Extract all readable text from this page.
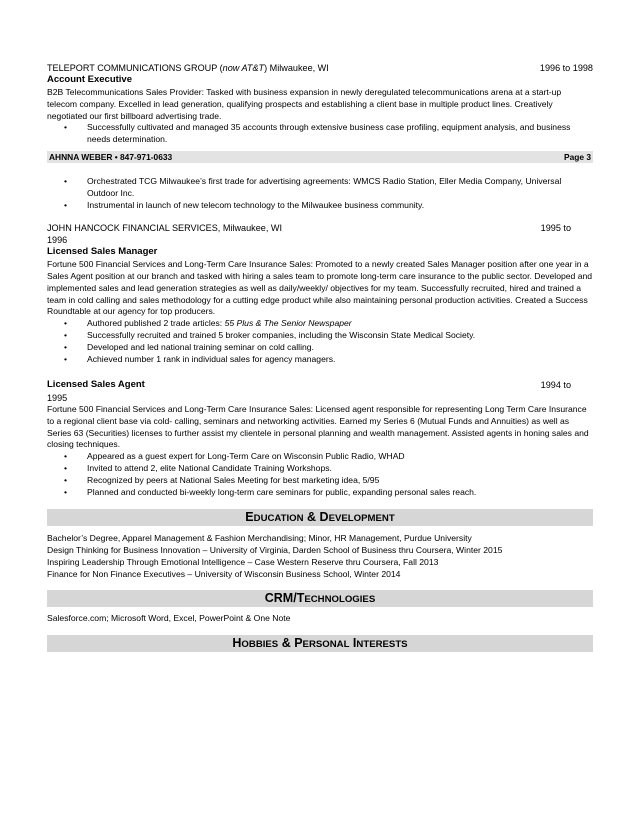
TELEPORT COMMUNICATIONS GROUP (now AT&T) Milwaukee, WI	1996 to 1998
Account Executive

B2B Telecommunications Sales Provider: Tasked with business expansion in newly deregulated telecommunications arena at a start-up telecom company. Excelled in lead generation, qualifying prospects and establishing a client base in multiple product lines. Creatively negotiated our first billboard advertising trade.

• Successfully cultivated and managed 35 accounts through extensive business case profiling, equipment analysis, and business needs determination.
AHNNA WEBER • 847-971-0633	Page 3
• Orchestrated TCG Milwaukee’s first trade for advertising agreements: WMCS Radio Station, Eller Media Company, Universal Outdoor Inc.
• Instrumental in launch of new telecom technology to the Milwaukee business community.
JOHN HANCOCK FINANCIAL SERVICES, Milwaukee, WI	1995 to
1996
Licensed Sales Manager

Fortune 500 Financial Services and Long-Term Care Insurance Sales: Promoted to a newly created Sales Manager position after one year in a Sales Agent position at our branch and tasked with hiring a sales team to promote long-term care insurance to the public sector. Developed and implemented sales and lead generation strategies as well as daily/weekly/ objectives for my team. Successfully recruited, hired and trained a team in cold calling and sales methodology for a cutting edge product while also maintaining personal production activities. Created a Success Roundtable at our agency for top producers.

• Authored published 2 trade articles: 55 Plus & The Senior Newspaper
• Successfully recruited and trained 5 broker companies, including the Wisconsin State Medical Society.
• Developed and led national training seminar on cold calling.
• Achieved number 1 rank in individual sales for agency managers.
Licensed Sales Agent	1994 to
1995

Fortune 500 Financial Services and Long-Term Care Insurance Sales: Licensed agent responsible for representing Long Term Care Insurance to a regional client base via cold- calling, seminars and networking activities. Earned my Series 6 (Mutual Funds and Annuities) as well as Series 63 (Securities) licenses to further assist my clientele in personal planning and wealth management. Assisted agents in honing sales and closing techniques.

• Appeared as a guest expert for Long-Term Care on Wisconsin Public Radio, WHAD
• Invited to attend 2, elite National Candidate Training Workshops.
• Recognized by peers at National Sales Meeting for best marketing idea, 5/95
• Planned and conducted bi-weekly long-term care seminars for public, expanding personal sales reach.
EDUCATION & DEVELOPMENT
Bachelor’s Degree, Apparel Management & Fashion Merchandising; Minor, HR Management, Purdue University
Design Thinking for Business Innovation – University of Virginia, Darden School of Business thru Coursera, Winter 2015
Inspiring Leadership Through Emotional Intelligence – Case Western Reserve thru Coursera, Fall 2013
Finance for Non Finance Executives – University of Wisconsin Business School, Winter 2014
CRM/TECHNOLOGIES
Salesforce.com; Microsoft Word, Excel, PowerPoint & One Note
HOBBIES & PERSONAL INTERESTS
